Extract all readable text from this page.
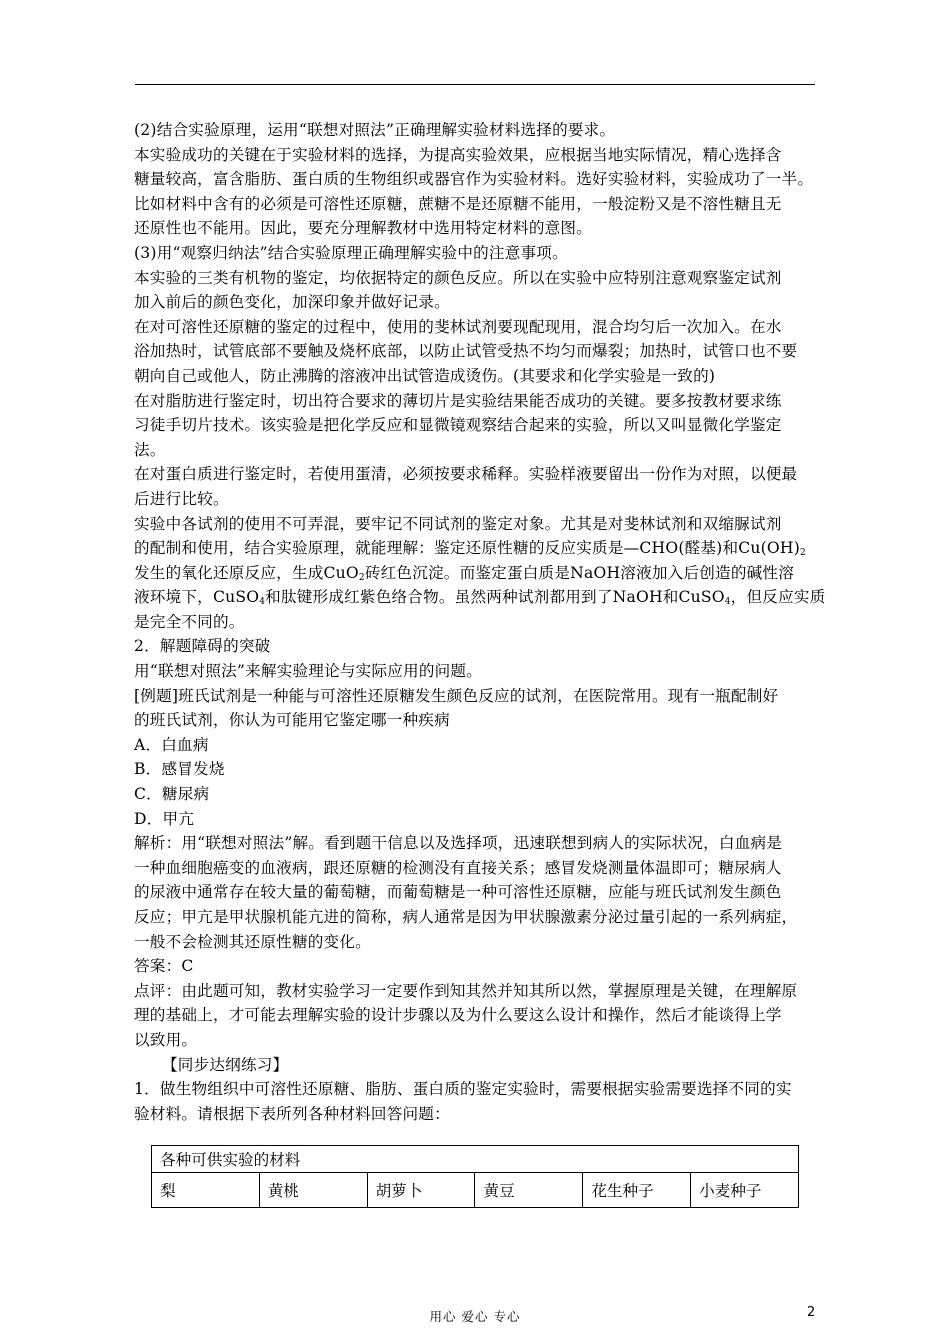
(2)结合实验原理，运用“联想对照法”正确理解实验材料选择的要求。

本实验成功的关键在于实验材料的选择，为提高实验效果，应根据当地实际情况，精心选择含

糖量较高，富含脂肪、蛋白质的生物组织或器官作为实验材料。选好实验材料，实验成功了一半。

比如材料中含有的必须是可溶性还原糖，蔗糖不是还原糖不能用，一般淀粉又是不溶性糖且无

还原性也不能用。因此，要充分理解教材中选用特定材料的意图。

(3)用“观察归纳法”结合实验原理正确理解实验中的注意事项。

本实验的三类有机物的鉴定，均依据特定的颜色反应。所以在实验中应特别注意观察鉴定试剂

加入前后的颜色变化，加深印象并做好记录。

在对可溶性还原糖的鉴定的过程中，使用的斐林试剂要现配现用，混合均匀后一次加入。在水

浴加热时，试管底部不要触及烧杯底部，以防止试管受热不均匀而爆裂；加热时，试管口也不要

朝向自己或他人，防止沸腾的溶液冲出试管造成烫伤。(其要求和化学实验是一致的)

在对脂肪进行鉴定时，切出符合要求的薄切片是实验结果能否成功的关键。要多按教材要求练

习徒手切片技术。该实验是把化学反应和显微镜观察结合起来的实验，所以又叫显微化学鉴定

法。

在对蛋白质进行鉴定时，若使用蛋清，必须按要求稀释。实验样液要留出一份作为对照，以便最

后进行比较。

实验中各试剂的使用不可弄混，要牢记不同试剂的鉴定对象。尤其是对斐林试剂和双缩脲试剂

的配制和使用，结合实验原理，就能理解：鉴定还原性糖的反应实质是—CHO(醛基)和$Cu(OH)_2$

发生的氧化还原反应，生成CuO$_2$砖红色沉淀。而鉴定蛋白质是NaOH溶液加入后创造的碱性溶

液环境下，CuSO$_4$和肽键形成红紫色络合物。虽然两种试剂都用到了NaOH和CuSO$_4$，但反应实质

是完全不同的。

2．解题障碍的突破

用“联想对照法”来解实验理论与实际应用的问题。

[例题]班氏试剂是一种能与可溶性还原糖发生颜色反应的试剂，在医院常用。现有一瓶配制好

的班氏试剂，你认为可能用它鉴定哪一种疾病

A．白血病

B．感冒发烧

C．糖尿病

D．甲亢

解析：用“联想对照法”解。看到题干信息以及选择项，迅速联想到病人的实际状况，白血病是

一种血细胞癌变的血液病，跟还原糖的检测没有直接关系；感冒发烧测量体温即可；糖尿病人

的尿液中通常存在较大量的葡萄糖，而葡萄糖是一种可溶性还原糖，应能与班氏试剂发生颜色

反应；甲亢是甲状腺机能亢进的简称，病人通常是因为甲状腺激素分泌过量引起的一系列病症，

一般不会检测其还原性糖的变化。

答案：C

点评：由此题可知，教材实验学习一定要作到知其然并知其所以然，掌握原理是关键，在理解原

理的基础上，才可能去理解实验的设计步骤以及为什么要这么设计和操作，然后才能谈得上学

以致用。

【同步达纲练习】

1．做生物组织中可溶性还原糖、脂肪、蛋白质的鉴定实验时，需要根据实验需要选择不同的实

验材料。请根据下表所列各种材料回答问题：

各种可供实验的材料
梨	黄桃	胡萝卜	黄豆	花生种子	小麦种子
用心 爱心 专心	2
